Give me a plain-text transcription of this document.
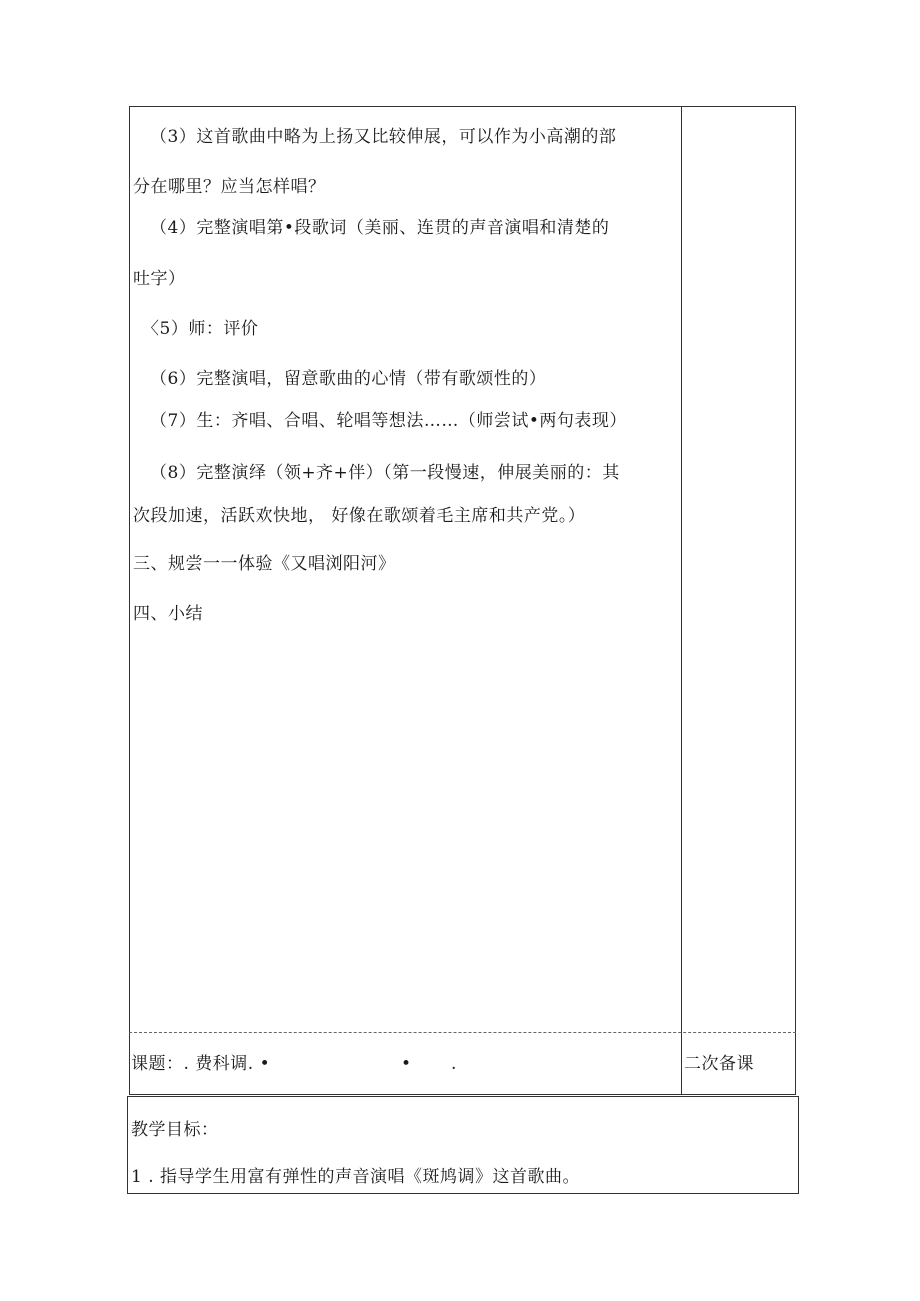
（3）这首歌曲中略为上扬又比较伸展，可以作为小高潮的部
分在哪里？应当怎样唱？
（4）完整演唱第•段歌词（美丽、连贯的声音演唱和清楚的
吐字）
〈5）师：评价
（6）完整演唱，留意歌曲的心情（带有歌颂性的）
（7）生：齐唱、合唱、轮唱等想法……（师尝试•两句表现）
（8）完整演绎（领+齐+伴）（第一段慢速，伸展美丽的：其
次段加速，活跃欢快地， 好像在歌颂着毛主席和共产党。）
三、规尝一一体验《又唱浏阳河》
四、小结
课题：. 费科调. •	• .	二次备课
教学目标：
1 . 指导学生用富有弹性的声音演唱《斑鸠调》这首歌曲。
